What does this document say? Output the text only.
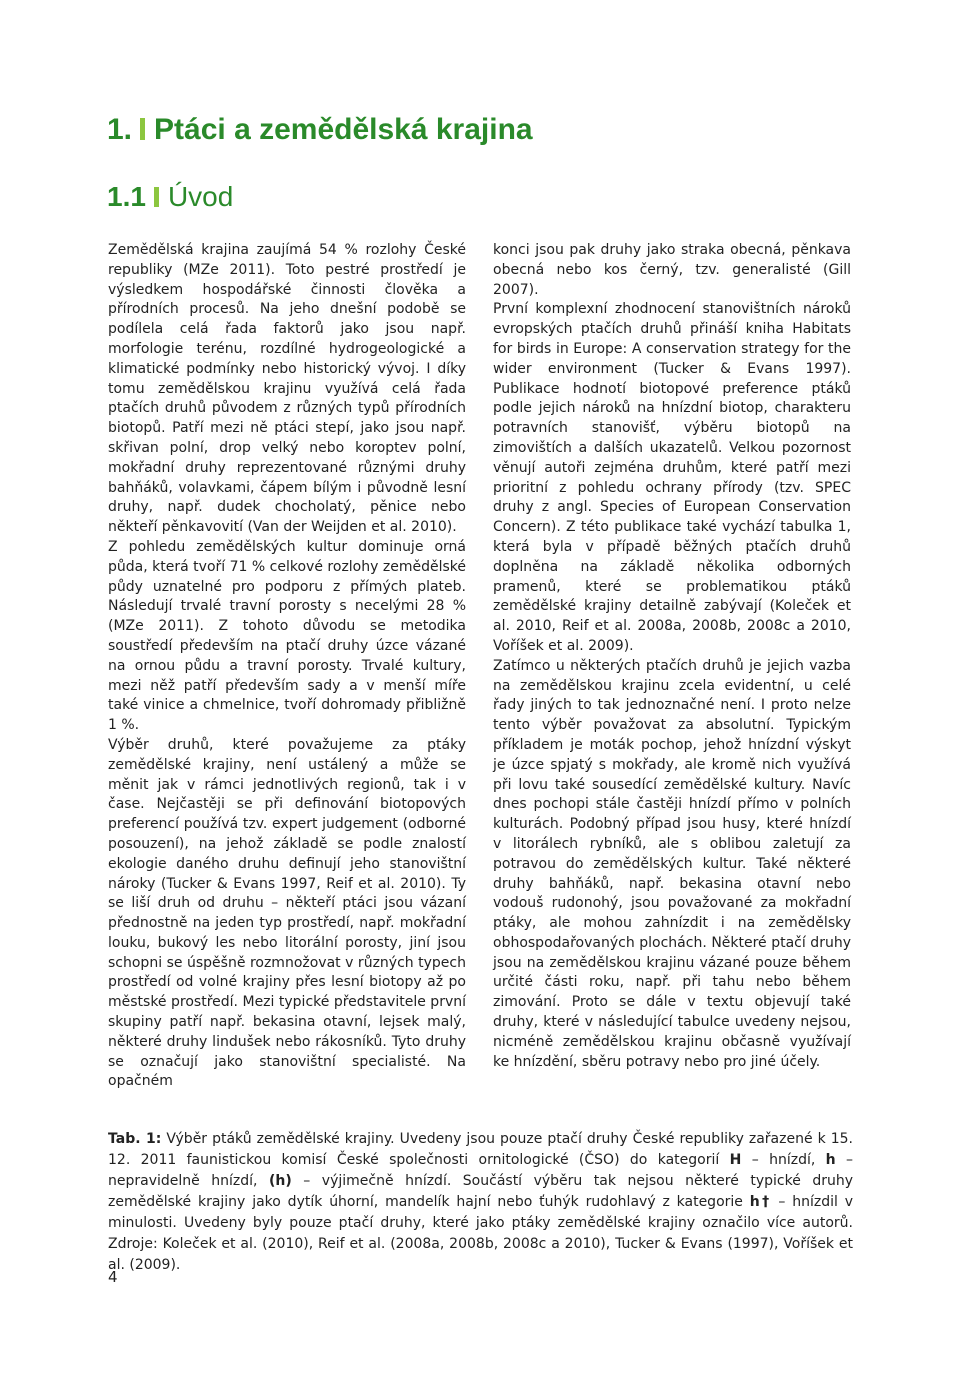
1. Ptáci a zemědělská krajina
1.1 Úvod

Zemědělská krajina zaujímá 54 % rozlohy České republiky (MZe 2011). Toto pestré prostředí je výsledkem hospodářské činnosti člověka a přírodních procesů. Na jeho dnešní podobě se podílela celá řada faktorů jako jsou např. morfologie terénu, rozdílné hydrogeologické a klimatické podmínky nebo historický vývoj. I díky tomu zemědělskou krajinu využívá celá řada ptačích druhů původem z různých typů přírodních biotopů. Patří mezi ně ptáci stepí, jako jsou např. skřivan polní, drop velký nebo koroptev polní, mokřadní druhy reprezentované různými druhy bahňáků, volavkami, čápem bílým i původně lesní druhy, např. dudek chocholatý, pěnice nebo někteří pěnkavovití (Van der Weijden et al. 2010).

Z pohledu zemědělských kultur dominuje orná půda, která tvoří 71 % celkové rozlohy zemědělské půdy uznatelné pro podporu z přímých plateb. Následují trvalé travní porosty s necelými 28 % (MZe 2011). Z tohoto důvodu se metodika soustředí především na ptačí druhy úzce vázané na ornou půdu a travní porosty. Trvalé kultury, mezi něž patří především sady a v menší míře také vinice a chmelnice, tvoří dohromady přibližně 1 %.

Výběr druhů, které považujeme za ptáky zemědělské krajiny, není ustálený a může se měnit jak v rámci jednotlivých regionů, tak i v čase. Nejčastěji se při definování biotopových preferencí používá tzv. expert judgement (odborné posouzení), na jehož základě se podle znalostí ekologie daného druhu definují jeho stanovištní nároky (Tucker & Evans 1997, Reif et al. 2010). Ty se liší druh od druhu – někteří ptáci jsou vázaní přednostně na jeden typ prostředí, např. mokřadní louku, bukový les nebo litorální porosty, jiní jsou schopni se úspěšně rozmnožovat v různých typech prostředí od volné krajiny přes lesní biotopy až po městské prostředí. Mezi typické představitele první skupiny patří např. bekasina otavní, lejsek malý, některé druhy lindušek nebo rákosníků. Tyto druhy se označují jako stanovištní specialisté. Na opačném

konci jsou pak druhy jako straka obecná, pěnkava obecná nebo kos černý, tzv. generalisté (Gill 2007).

První komplexní zhodnocení stanovištních nároků evropských ptačích druhů přináší kniha Habitats for birds in Europe: A conservation strategy for the wider environment (Tucker & Evans 1997). Publikace hodnotí biotopové preference ptáků podle jejich nároků na hnízdní biotop, charakteru potravních stanovišť, výběru biotopů na zimovištích a dalších ukazatelů. Velkou pozornost věnují autoři zejména druhům, které patří mezi prioritní z pohledu ochrany přírody (tzv. SPEC druhy z angl. Species of European Conservation Concern). Z této publikace také vychází tabulka 1, která byla v případě běžných ptačích druhů doplněna na základě několika odborných pramenů, které se problematikou ptáků zemědělské krajiny detailně zabývají (Koleček et al. 2010, Reif et al. 2008a, 2008b, 2008c a 2010, Voříšek et al. 2009).

Zatímco u některých ptačích druhů je jejich vazba na zemědělskou krajinu zcela evidentní, u celé řady jiných to tak jednoznačné není. I proto nelze tento výběr považovat za absolutní. Typickým příkladem je moták pochop, jehož hnízdní výskyt je úzce spjatý s mokřady, ale kromě nich využívá při lovu také sousedící zemědělské kultury. Navíc dnes pochopi stále častěji hnízdí přímo v polních kulturách. Podobný případ jsou husy, které hnízdí v litorálech rybníků, ale s oblibou zaletují za potravou do zemědělských kultur. Také některé druhy bahňáků, např. bekasina otavní nebo vodouš rudonohý, jsou považované za mokřadní ptáky, ale mohou zahnízdit i na zemědělsky obhospodařovaných plochách. Některé ptačí druhy jsou na zemědělskou krajinu vázané pouze během určité části roku, např. při tahu nebo během zimování. Proto se dále v textu objevují také druhy, které v následující tabulce uvedeny nejsou, nicméně zemědělskou krajinu občasně využívají ke hnízdění, sběru potravy nebo pro jiné účely.

Tab. 1: Výběr ptáků zemědělské krajiny. Uvedeny jsou pouze ptačí druhy České republiky zařazené k 15. 12. 2011 faunistickou komisí České společnosti ornitologické (ČSO) do kategorií H – hnízdí, h – nepravidelně hnízdí, (h) – výjimečně hnízdí. Součástí výběru tak nejsou některé typické druhy zemědělské krajiny jako dytík úhorní, mandelík hajní nebo ťuhýk rudohlavý z kategorie h† – hnízdil v minulosti. Uvedeny byly pouze ptačí druhy, které jako ptáky zemědělské krajiny označilo více autorů. Zdroje: Koleček et al. (2010), Reif et al. (2008a, 2008b, 2008c a 2010), Tucker & Evans (1997), Voříšek et al. (2009).

4
